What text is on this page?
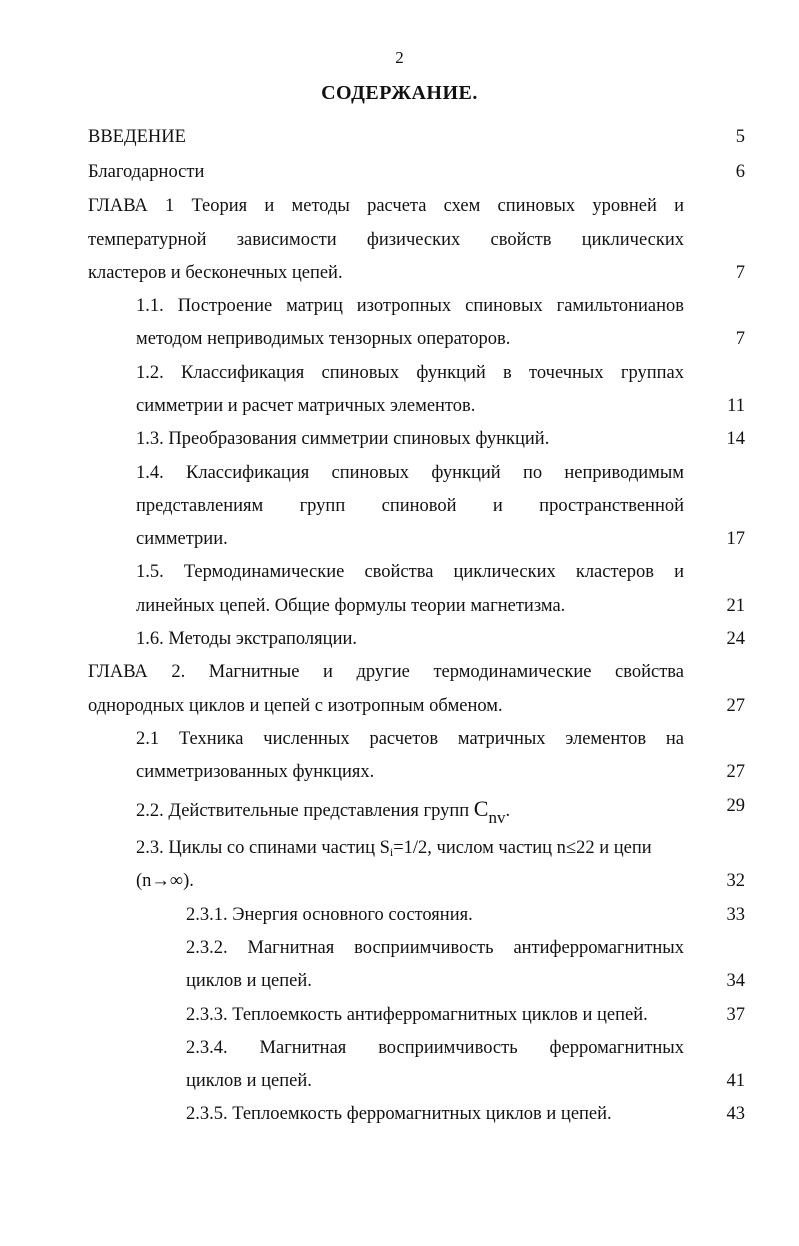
2
СОДЕРЖАНИЕ.
ВВЕДЕНИЕ	5
Благодарности	6
ГЛАВА 1 Теория и методы расчета схем спиновых уровней и
температурной зависимости физических свойств циклических
кластеров и бесконечных цепей.	7
1.1. Построение матриц изотропных спиновых гамильтонианов
методом неприводимых тензорных операторов.	7
1.2. Классификация спиновых функций в точечных группах
симметрии и расчет матричных элементов.	11
1.3. Преобразования симметрии спиновых функций.	14
1.4. Классификация спиновых функций по неприводимым
представлениям групп спиновой и пространственной
симметрии.	17
1.5. Термодинамические свойства циклических кластеров и
линейных цепей. Общие формулы теории магнетизма.	21
1.6. Методы экстраполяции.	24
ГЛАВА 2. Магнитные и другие термодинамические свойства
однородных циклов и цепей с изотропным обменом.	27
2.1 Техника численных расчетов матричных элементов на
симметризованных функциях.	27
2.2. Действительные представления групп $C_{nv}$.	29
2.3. Циклы со спинами частиц $S_i=1/2$, числом частиц n≤22 и цепи
(n→∞).	32
2.3.1. Энергия основного состояния.	33
2.3.2. Магнитная восприимчивость антиферромагнитных
циклов и цепей.	34
2.3.3. Теплоемкость антиферромагнитных циклов и цепей.	37
2.3.4. Магнитная восприимчивость ферромагнитных
циклов и цепей.	41
2.3.5. Теплоемкость ферромагнитных циклов и цепей.	43
